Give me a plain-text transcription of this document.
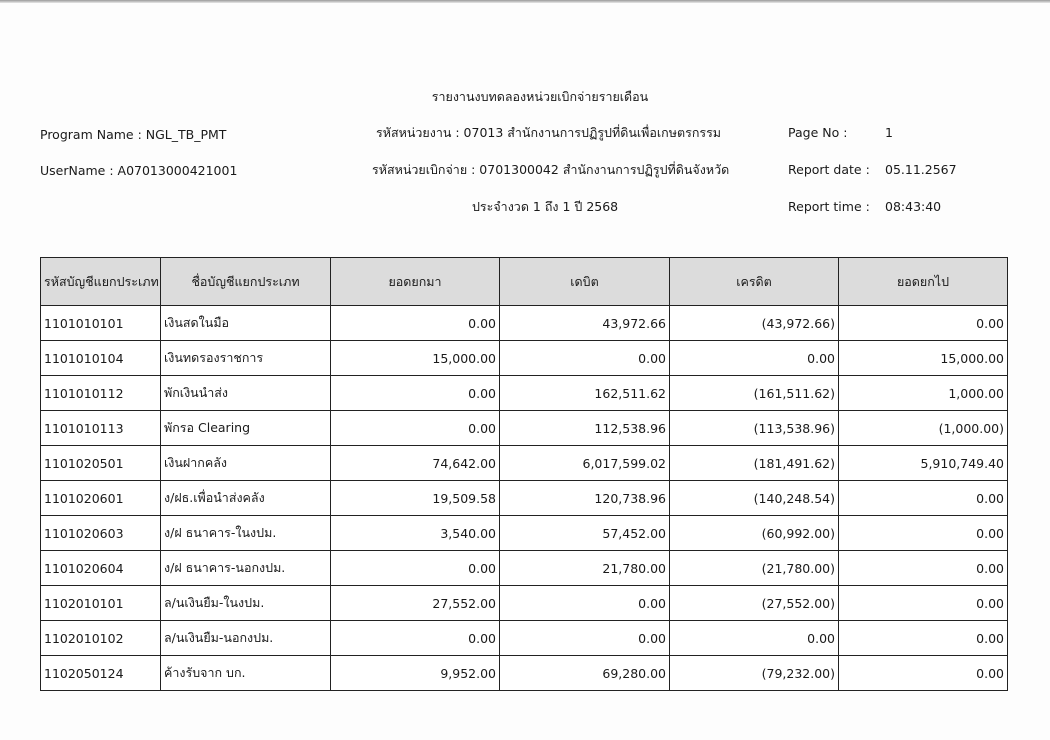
รายงานงบทดลองหน่วยเบิกจ่ายรายเดือน
Program Name : NGL_TB_PMT
UserName : A07013000421001
รหัสหน่วยงาน : 07013 สำนักงานการปฏิรูปที่ดินเพื่อเกษตรกรรม
รหัสหน่วยเบิกจ่าย : 0701300042 สำนักงานการปฏิรูปที่ดินจังหวัด
ประจำงวด 1 ถึง 1 ปี 2568
Page No :	1
Report date : 05.11.2567
Report time : 08:43:40
รหัสบัญชีแยกประเภท	ชื่อบัญชีแยกประเภท	ยอดยกมา	เดบิต	เครดิต	ยอดยกไป
1101010101	เงินสดในมือ	0.00	43,972.66	(43,972.66)	0.00
1101010104	เงินทดรองราชการ	15,000.00	0.00	0.00	15,000.00
1101010112	พักเงินนำส่ง	0.00	162,511.62	(161,511.62)	1,000.00
1101010113	พักรอ Clearing	0.00	112,538.96	(113,538.96)	(1,000.00)
1101020501	เงินฝากคลัง	74,642.00	6,017,599.02	(181,491.62)	5,910,749.40
1101020601	ง/ฝธ.เพื่อนำส่งคลัง	19,509.58	120,738.96	(140,248.54)	0.00
1101020603	ง/ฝ ธนาคาร-ในงปม.	3,540.00	57,452.00	(60,992.00)	0.00
1101020604	ง/ฝ ธนาคาร-นอกงปม.	0.00	21,780.00	(21,780.00)	0.00
1102010101	ล/นเงินยืม-ในงปม.	27,552.00	0.00	(27,552.00)	0.00
1102010102	ล/นเงินยืม-นอกงปม.	0.00	0.00	0.00	0.00
1102050124	ค้างรับจาก บก.	9,952.00	69,280.00	(79,232.00)	0.00
